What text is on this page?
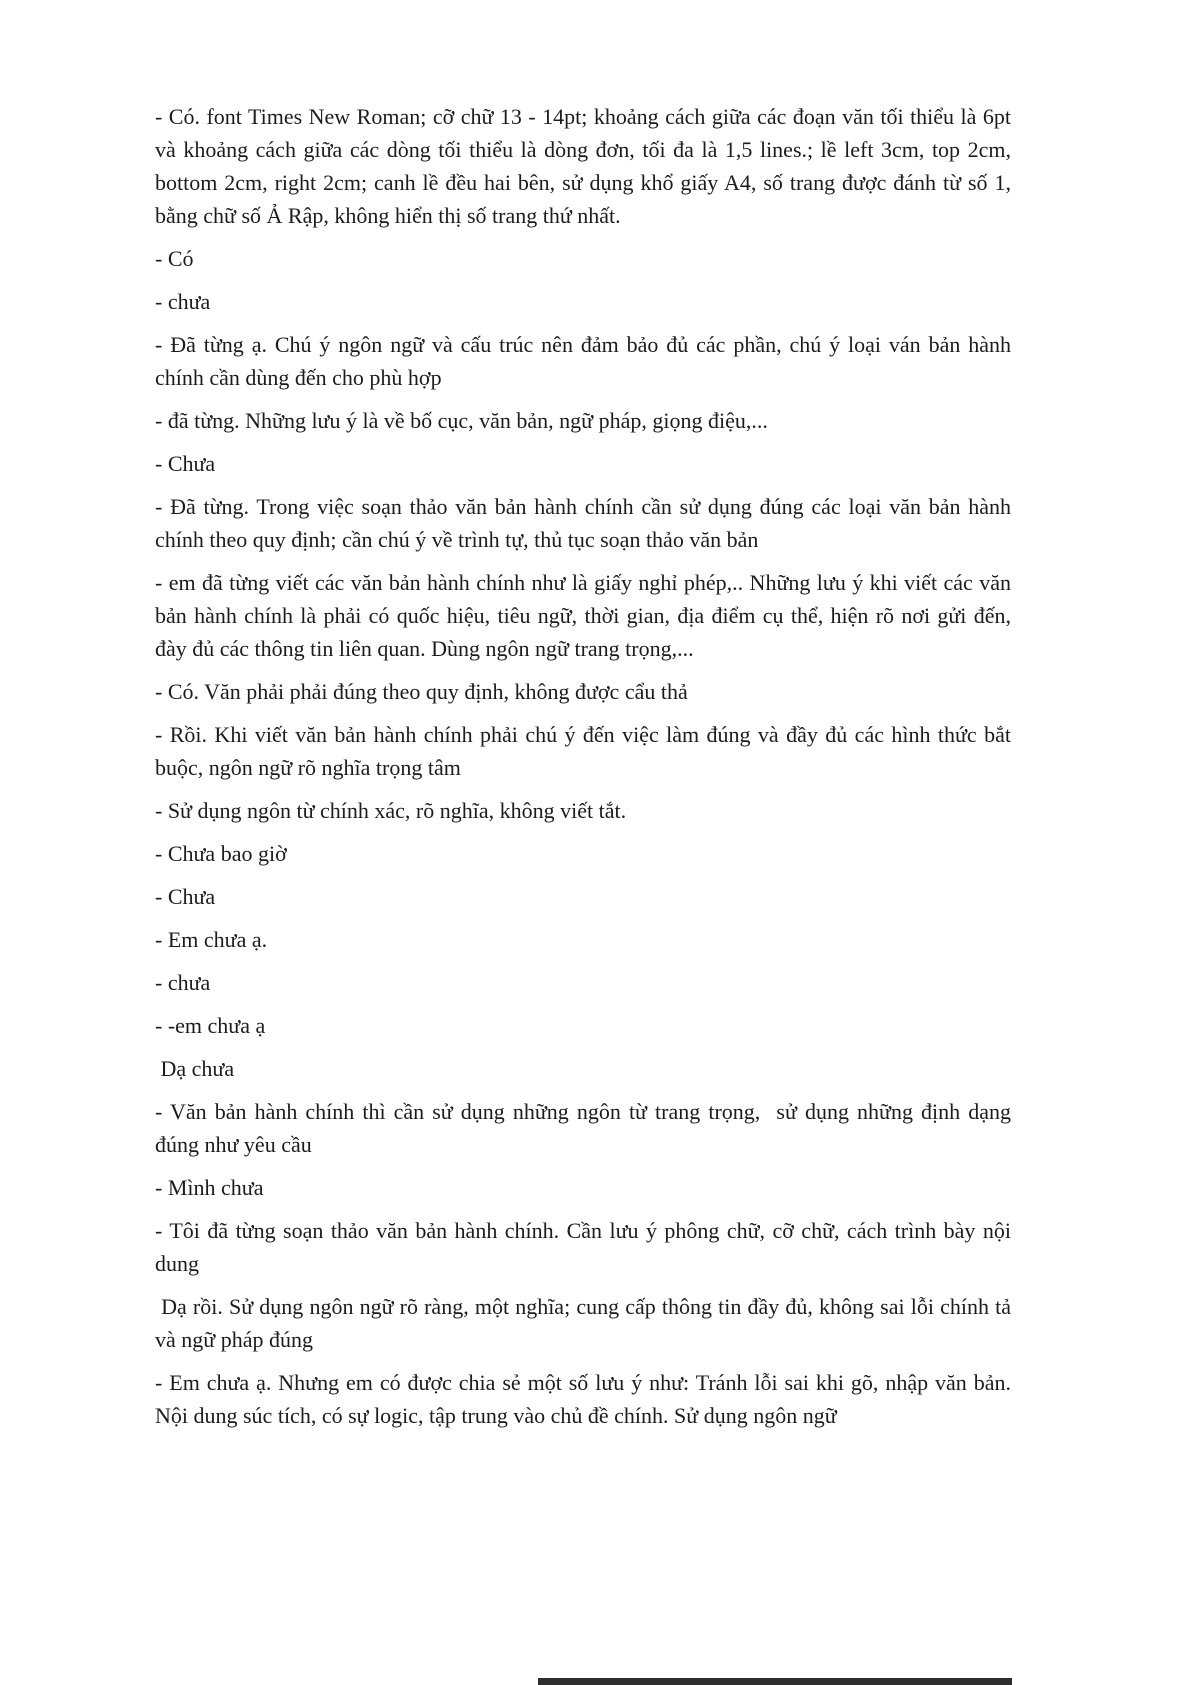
- Có. font Times New Roman; cỡ chữ 13 - 14pt; khoảng cách giữa các đoạn văn tối thiểu là 6pt và khoảng cách giữa các dòng tối thiểu là dòng đơn, tối đa là 1,5 lines.; lề left 3cm, top 2cm, bottom 2cm, right 2cm; canh lề đều hai bên, sử dụng khổ giấy A4, số trang được đánh từ số 1, bằng chữ số Ả Rập, không hiển thị số trang thứ nhất.

- Có

- chưa

- Đã từng ạ. Chú ý ngôn ngữ và cấu trúc nên đảm bảo đủ các phần, chú ý loại ván bản hành chính cần dùng đến cho phù hợp

- đã từng. Những lưu ý là về bố cục, văn bản, ngữ pháp, giọng điệu,...

- Chưa

- Đã từng. Trong việc soạn thảo văn bản hành chính cần sử dụng đúng các loại văn bản hành chính theo quy định; cần chú ý về trình tự, thủ tục soạn thảo văn bản

- em đã từng viết các văn bản hành chính như là giấy nghỉ phép,.. Những lưu ý khi viết các văn bản hành chính là phải có quốc hiệu, tiêu ngữ, thời gian, địa điểm cụ thể, hiện rõ nơi gửi đến, đày đủ các thông tin liên quan. Dùng ngôn ngữ trang trọng,...

- Có. Văn phải phải đúng theo quy định, không được cẩu thả

- Rồi. Khi viết văn bản hành chính phải chú ý đến việc làm đúng và đầy đủ các hình thức bắt buộc, ngôn ngữ rõ nghĩa trọng tâm

- Sử dụng ngôn từ chính xác, rõ nghĩa, không viết tắt.

- Chưa bao giờ

- Chưa

- Em chưa ạ.

- chưa

- -em chưa ạ

Dạ chưa

- Văn bản hành chính thì cần sử dụng những ngôn từ trang trọng,  sử dụng những định dạng đúng như yêu cầu

- Mình chưa

- Tôi đã từng soạn thảo văn bản hành chính. Cần lưu ý phông chữ, cỡ chữ, cách trình bày nội dung

Dạ rồi. Sử dụng ngôn ngữ rõ ràng, một nghĩa; cung cấp thông tin đầy đủ, không sai lỗi chính tả và ngữ pháp đúng

- Em chưa ạ. Nhưng em có được chia sẻ một số lưu ý như: Tránh lỗi sai khi gõ, nhập văn bản. Nội dung súc tích, có sự logic, tập trung vào chủ đề chính. Sử dụng ngôn ngữ
